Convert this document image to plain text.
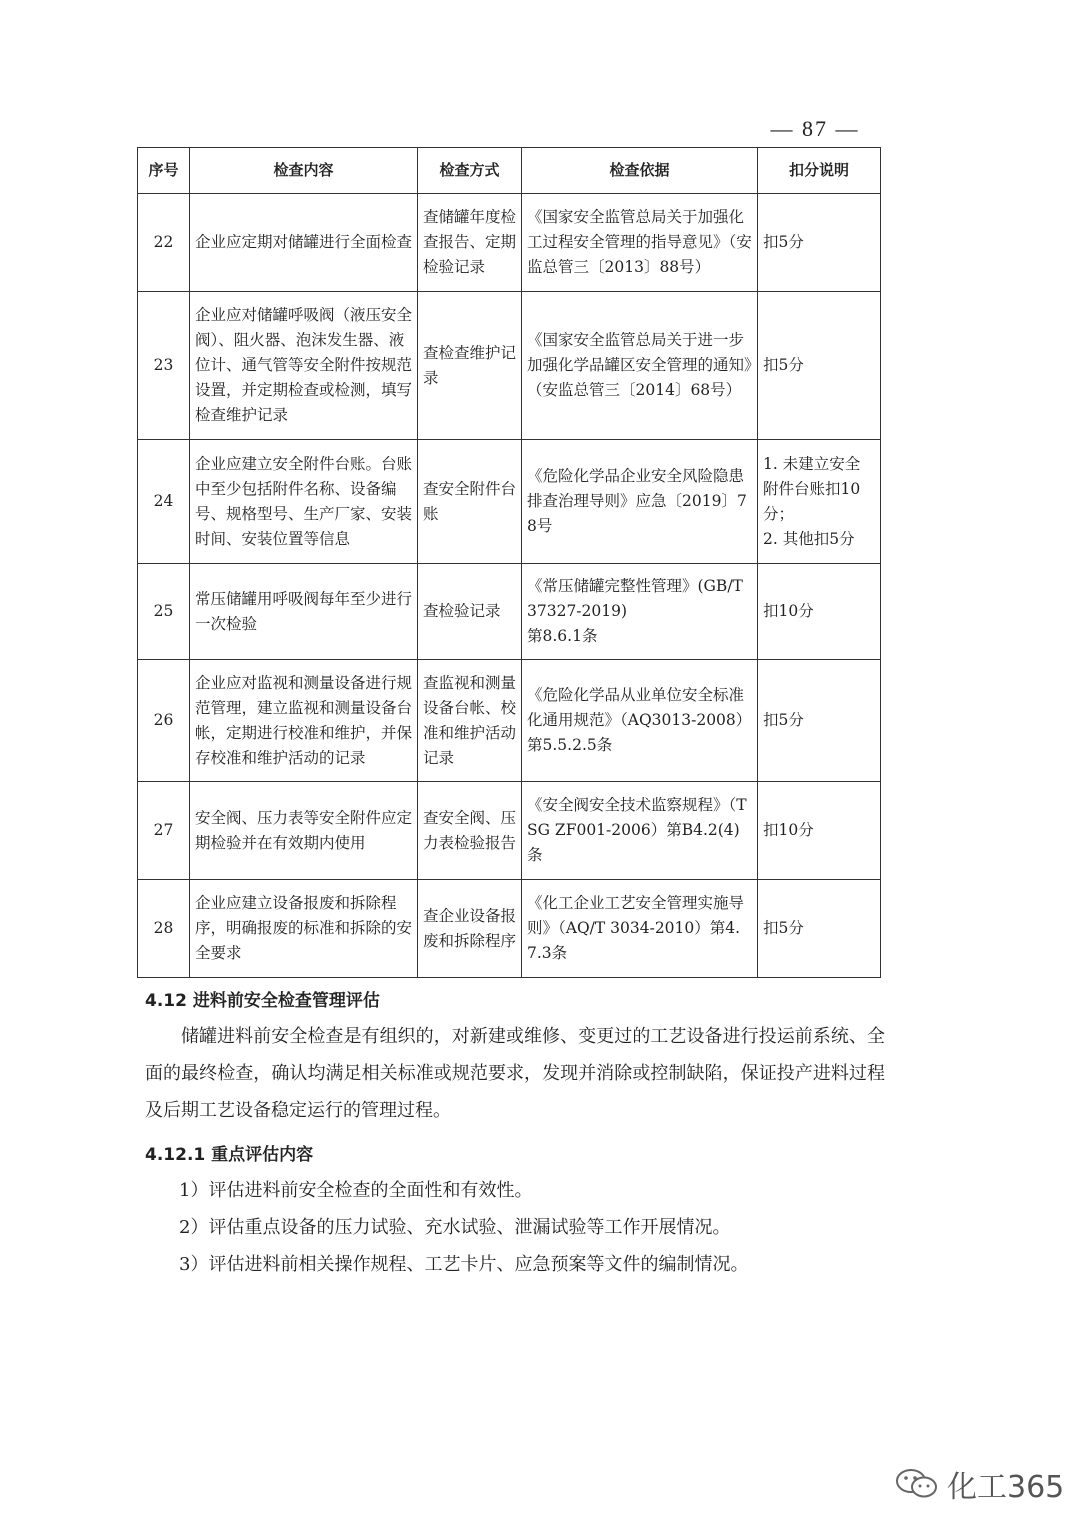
— 87 —
序号	检查内容	检查方式	检查依据	扣分说明
22	企业应定期对储罐进行全面检查	查储罐年度检查报告、定期检验记录	《国家安全监管总局关于加强化工过程安全管理的指导意见》（安监总管三〔2013〕88号）	扣5分
23	企业应对储罐呼吸阀（液压安全阀）、阻火器、泡沫发生器、液位计、通气管等安全附件按规范设置，并定期检查或检测，填写检查维护记录	查检查维护记录	《国家安全监管总局关于进一步加强化学品罐区安全管理的通知》（安监总管三〔2014〕68号）	扣5分
24	企业应建立安全附件台账。台账中至少包括附件名称、设备编号、规格型号、生产厂家、安装时间、安装位置等信息	查安全附件台账	《危险化学品企业安全风险隐患排查治理导则》应急〔2019〕78号	1. 未建立安全附件台账扣10分；
2. 其他扣5分
25	常压储罐用呼吸阀每年至少进行一次检验	查检验记录	《常压储罐完整性管理》(GB/T37327-2019)
第8.6.1条	扣10分
26	企业应对监视和测量设备进行规范管理，建立监视和测量设备台帐，定期进行校准和维护，并保存校准和维护活动的记录	查监视和测量设备台帐、校准和维护活动记录	《危险化学品从业单位安全标准化通用规范》（AQ3013-2008）第5.5.2.5条	扣5分
27	安全阀、压力表等安全附件应定期检验并在有效期内使用	查安全阀、压力表检验报告	《安全阀安全技术监察规程》（TSG ZF001-2006）第B4.2(4)条	扣10分
28	企业应建立设备报废和拆除程序，明确报废的标准和拆除的安全要求	查企业设备报废和拆除程序	《化工企业工艺安全管理实施导则》（AQ/T 3034-2010）第4.7.3条	扣5分
4.12 进料前安全检查管理评估
储罐进料前安全检查是有组织的，对新建或维修、变更过的工艺设备进行投运前系统、全面的最终检查，确认均满足相关标准或规范要求，发现并消除或控制缺陷，保证投产进料过程及后期工艺设备稳定运行的管理过程。
4.12.1 重点评估内容
1）评估进料前安全检查的全面性和有效性。
2）评估重点设备的压力试验、充水试验、泄漏试验等工作开展情况。
3）评估进料前相关操作规程、工艺卡片、应急预案等文件的编制情况。
化工365
